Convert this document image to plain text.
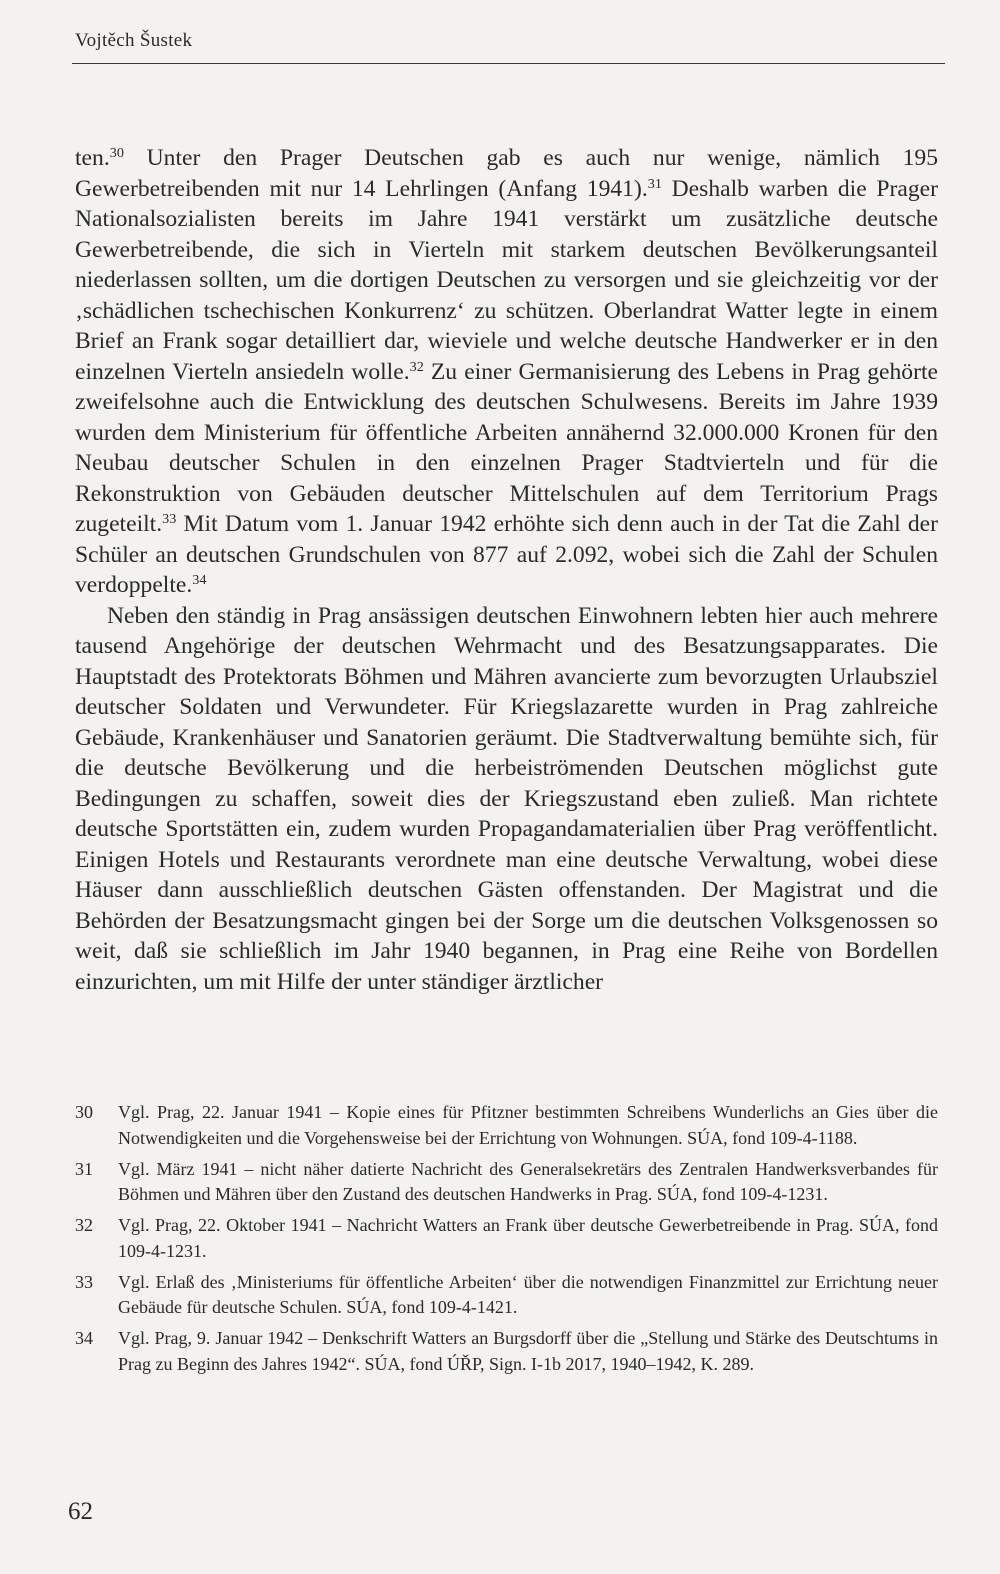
Vojtěch Šustek

ten.$^{30}$ Unter den Prager Deutschen gab es auch nur wenige, nämlich 195 Gewerbetreibenden mit nur 14 Lehrlingen (Anfang 1941).$^{31}$ Deshalb warben die Prager Nationalsozialisten bereits im Jahre 1941 verstärkt um zusätzliche deutsche Gewerbetreibende, die sich in Vierteln mit starkem deutschen Bevölkerungsanteil niederlassen sollten, um die dortigen Deutschen zu versorgen und sie gleichzeitig vor der ‚schädlichen tschechischen Konkurrenz‘ zu schützen. Oberlandrat Watter legte in einem Brief an Frank sogar detailliert dar, wieviele und welche deutsche Handwerker er in den einzelnen Vierteln ansiedeln wolle.$^{32}$ Zu einer Germanisierung des Lebens in Prag gehörte zweifelsohne auch die Entwicklung des deutschen Schulwesens. Bereits im Jahre 1939 wurden dem Ministerium für öffentliche Arbeiten annähernd 32.000.000 Kronen für den Neubau deutscher Schulen in den einzelnen Prager Stadtvierteln und für die Rekonstruktion von Gebäuden deutscher Mittelschulen auf dem Territorium Prags zugeteilt.$^{33}$ Mit Datum vom 1. Januar 1942 erhöhte sich denn auch in der Tat die Zahl der Schüler an deutschen Grundschulen von 877 auf 2.092, wobei sich die Zahl der Schulen verdoppelte.$^{34}$

Neben den ständig in Prag ansässigen deutschen Einwohnern lebten hier auch mehrere tausend Angehörige der deutschen Wehrmacht und des Besatzungsapparates. Die Hauptstadt des Protektorats Böhmen und Mähren avancierte zum bevorzugten Urlaubsziel deutscher Soldaten und Verwundeter. Für Kriegslazarette wurden in Prag zahlreiche Gebäude, Krankenhäuser und Sanatorien geräumt. Die Stadtverwaltung bemühte sich, für die deutsche Bevölkerung und die herbeiströmenden Deutschen möglichst gute Bedingungen zu schaffen, soweit dies der Kriegszustand eben zuließ. Man richtete deutsche Sportstätten ein, zudem wurden Propagandamaterialien über Prag veröffentlicht. Einigen Hotels und Restaurants verordnete man eine deutsche Verwaltung, wobei diese Häuser dann ausschließlich deutschen Gästen offenstanden. Der Magistrat und die Behörden der Besatzungsmacht gingen bei der Sorge um die deutschen Volksgenossen so weit, daß sie schließlich im Jahr 1940 begannen, in Prag eine Reihe von Bordellen einzurichten, um mit Hilfe der unter ständiger ärztlicher

30 Vgl. Prag, 22. Januar 1941 – Kopie eines für Pfitzner bestimmten Schreibens Wunderlichs an Gies über die Notwendigkeiten und die Vorgehensweise bei der Errichtung von Wohnungen. SÚA, fond 109-4-1188.
31 Vgl. März 1941 – nicht näher datierte Nachricht des Generalsekretärs des Zentralen Handwerksverbandes für Böhmen und Mähren über den Zustand des deutschen Handwerks in Prag. SÚA, fond 109-4-1231.
32 Vgl. Prag, 22. Oktober 1941 – Nachricht Watters an Frank über deutsche Gewerbetreibende in Prag. SÚA, fond 109-4-1231.
33 Vgl. Erlaß des ‚Ministeriums für öffentliche Arbeiten‘ über die notwendigen Finanzmittel zur Errichtung neuer Gebäude für deutsche Schulen. SÚA, fond 109-4-1421.
34 Vgl. Prag, 9. Januar 1942 – Denkschrift Watters an Burgsdorff über die „Stellung und Stärke des Deutschtums in Prag zu Beginn des Jahres 1942“. SÚA, fond ÚŘP, Sign. I-1b 2017, 1940–1942, K. 289.
62
